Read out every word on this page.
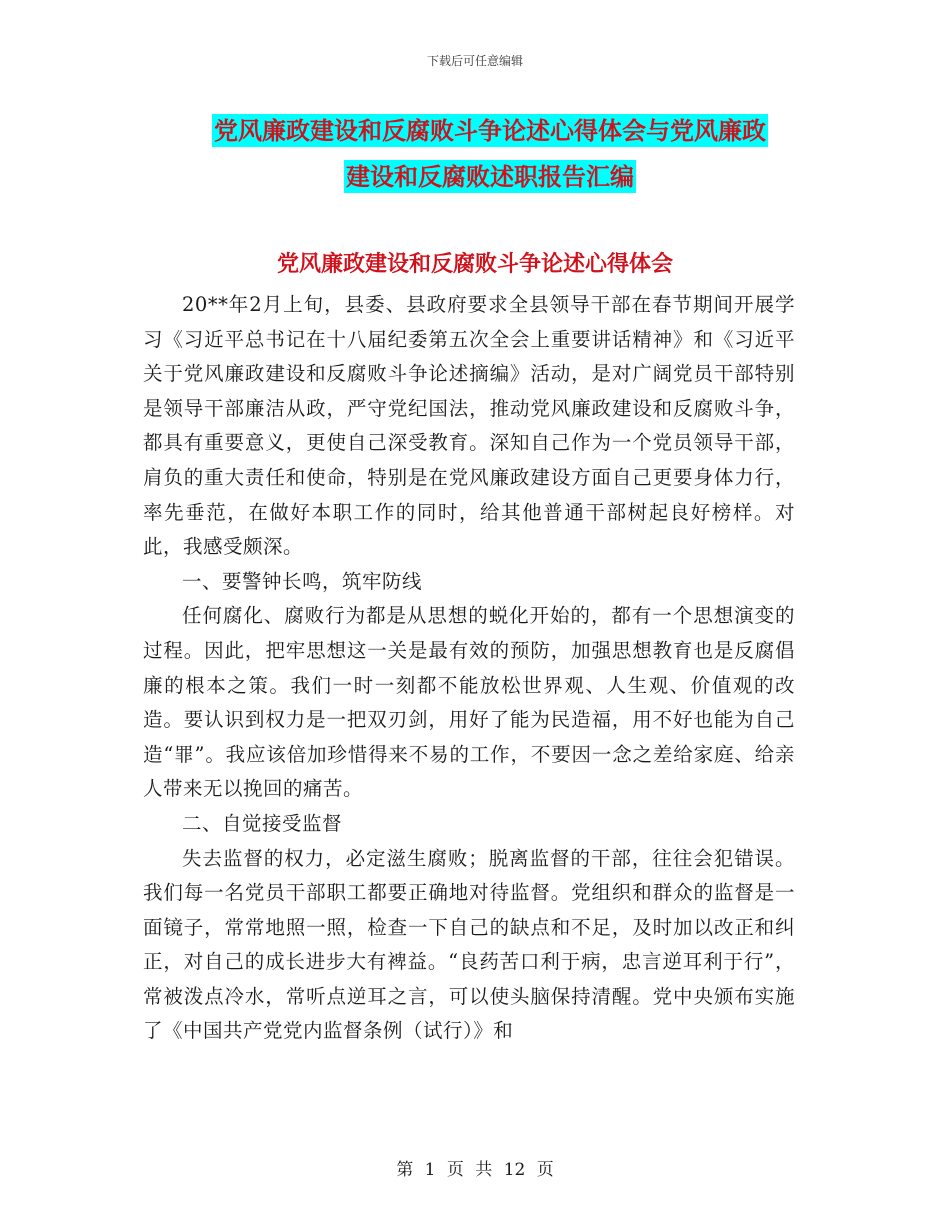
下载后可任意编辑
党风廉政建设和反腐败斗争论述心得体会与党风廉政
建设和反腐败述职报告汇编
党风廉政建设和反腐败斗争论述心得体会

20**年2月上旬，县委、县政府要求全县领导干部在春节期间开展学习《习近平总书记在十八届纪委第五次全会上重要讲话精神》和《习近平关于党风廉政建设和反腐败斗争论述摘编》活动，是对广阔党员干部特别是领导干部廉洁从政，严守党纪国法，推动党风廉政建设和反腐败斗争，都具有重要意义，更使自己深受教育。深知自己作为一个党员领导干部，肩负的重大责任和使命，特别是在党风廉政建设方面自己更要身体力行，率先垂范，在做好本职工作的同时，给其他普通干部树起良好榜样。对此，我感受颇深。

一、要警钟长鸣，筑牢防线

任何腐化、腐败行为都是从思想的蜕化开始的，都有一个思想演变的过程。因此，把牢思想这一关是最有效的预防，加强思想教育也是反腐倡廉的根本之策。我们一时一刻都不能放松世界观、人生观、价值观的改造。要认识到权力是一把双刃剑，用好了能为民造福，用不好也能为自己造“罪”。我应该倍加珍惜得来不易的工作，不要因一念之差给家庭、给亲人带来无以挽回的痛苦。

二、自觉接受监督

失去监督的权力，必定滋生腐败；脱离监督的干部，往往会犯错误。我们每一名党员干部职工都要正确地对待监督。党组织和群众的监督是一面镜子，常常地照一照，检查一下自己的缺点和不足，及时加以改正和纠正，对自己的成长进步大有裨益。“良药苦口利于病，忠言逆耳利于行”，常被泼点冷水，常听点逆耳之言，可以使头脑保持清醒。党中央颁布实施了《中国共产党党内监督条例（试行）》和

第 1 页 共 12 页
